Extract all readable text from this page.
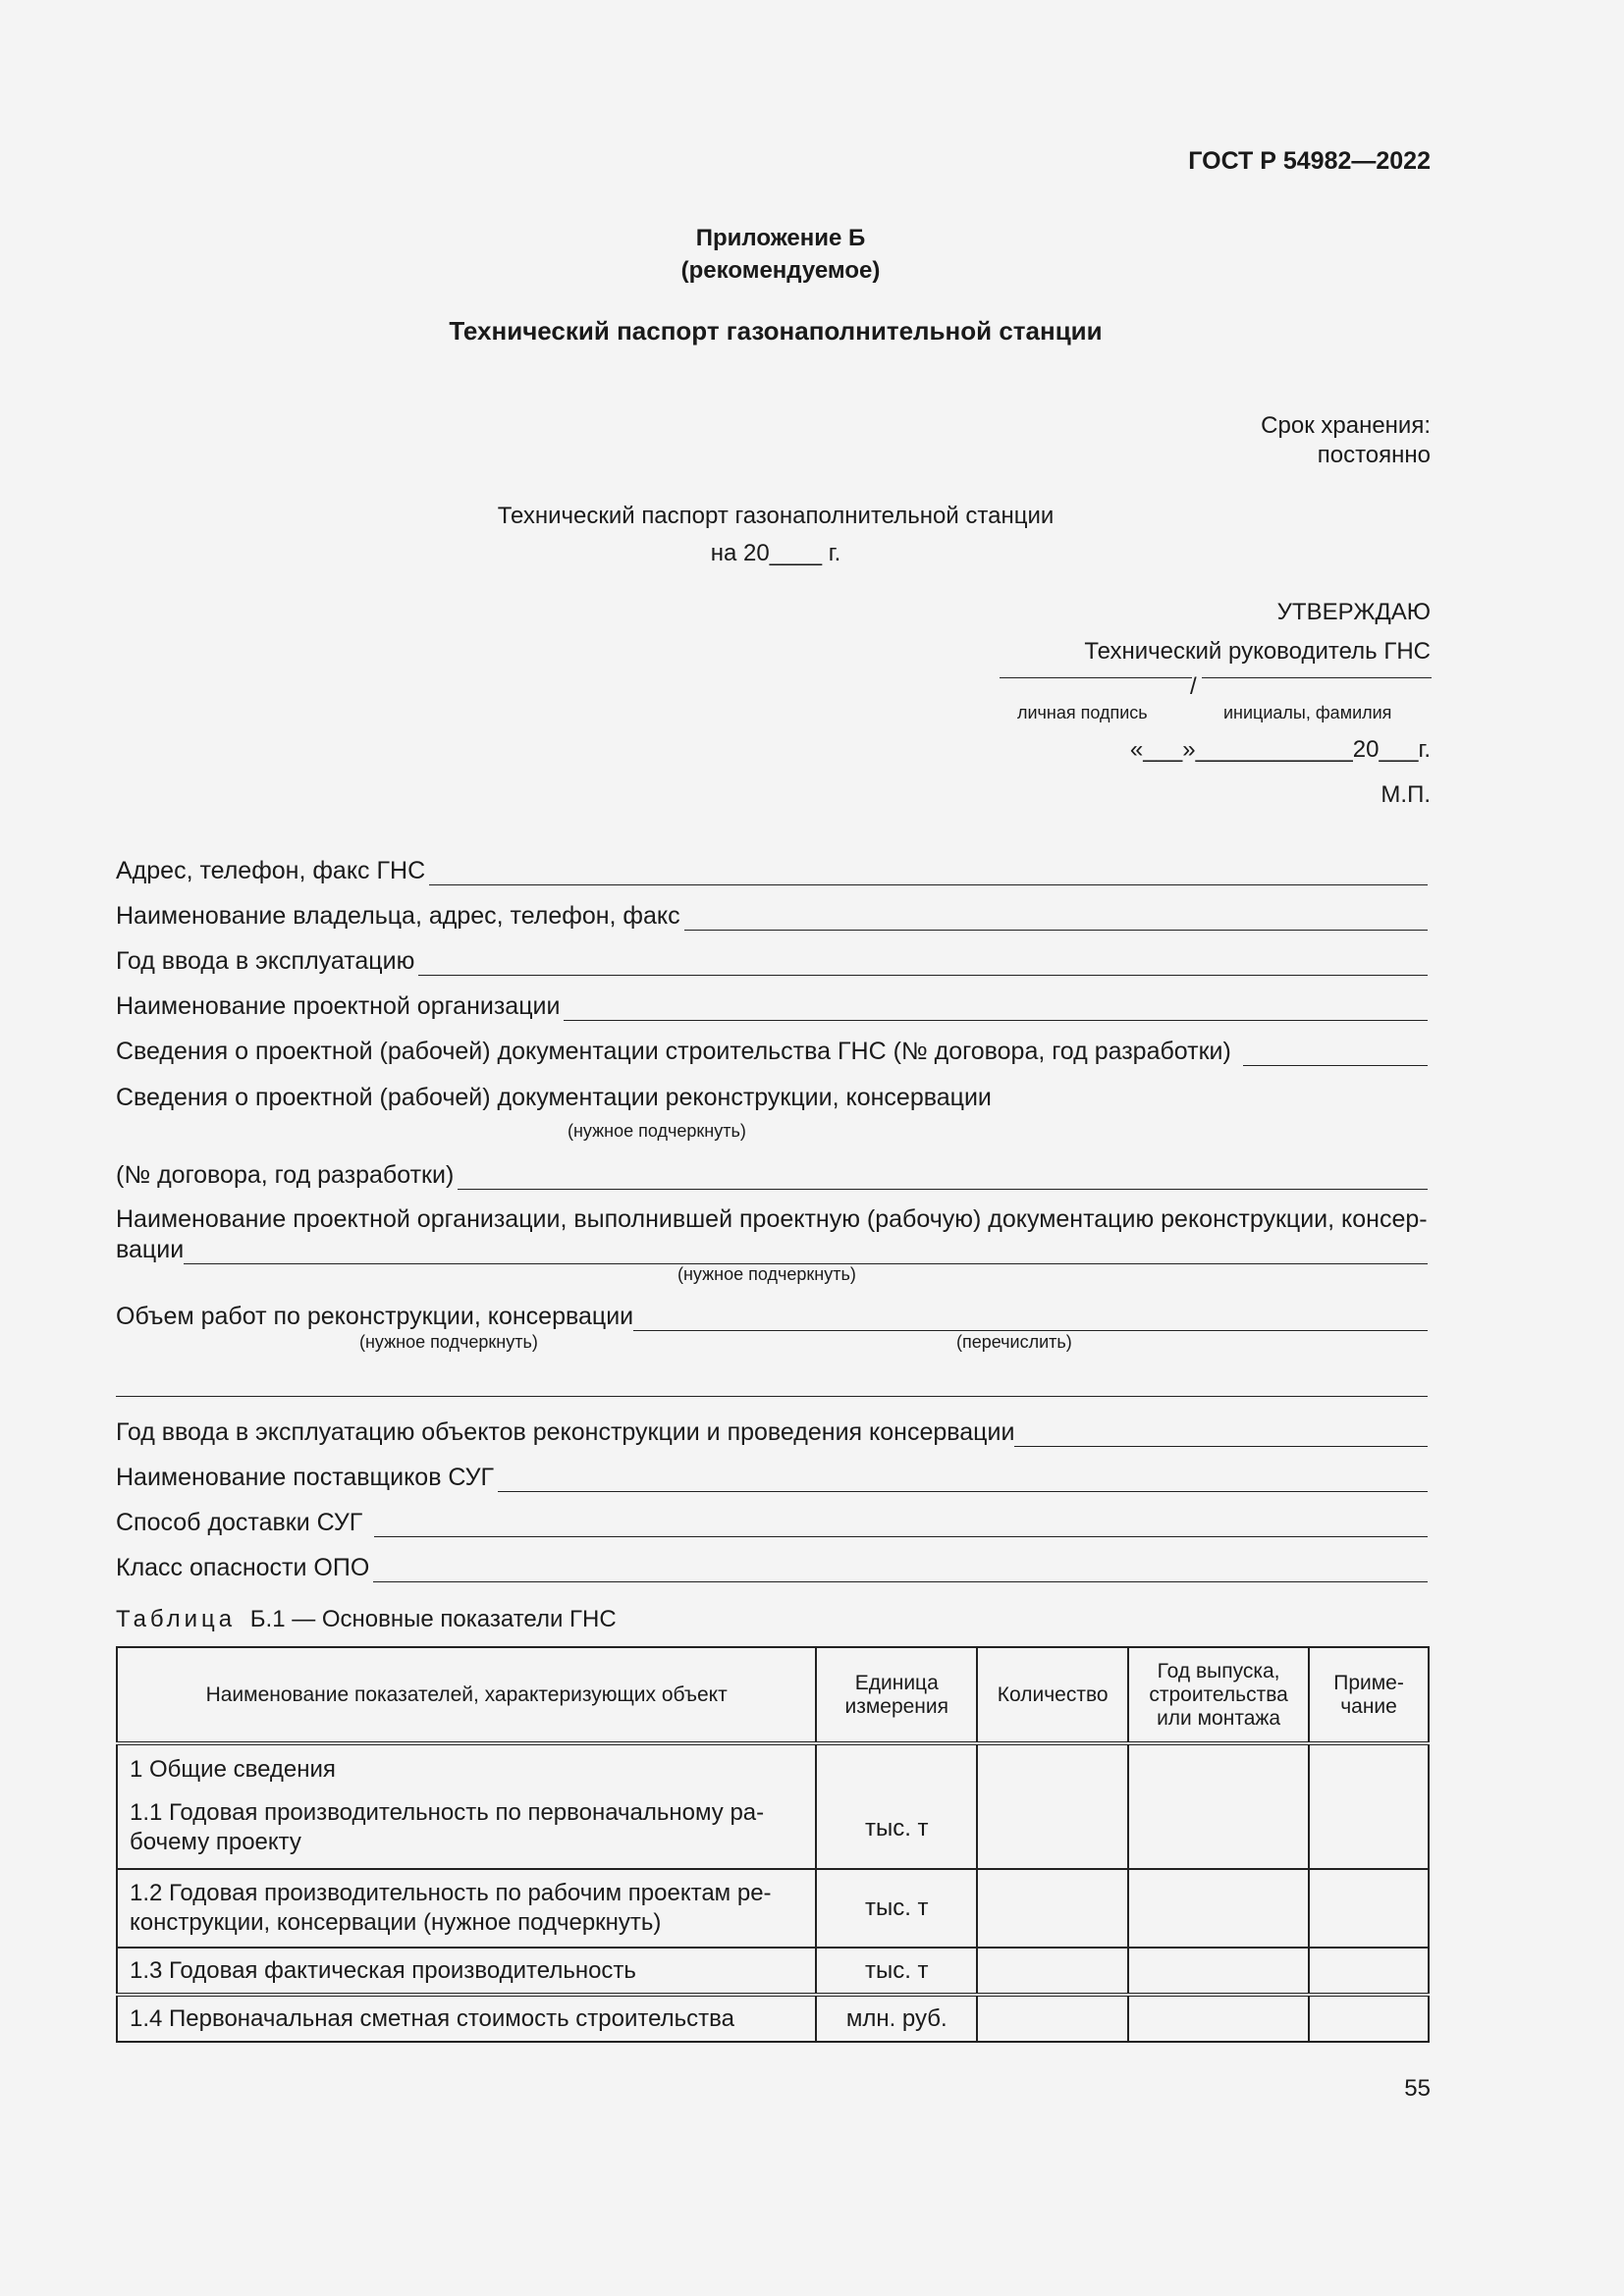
ГОСТ Р 54982—2022
Приложение Б
(рекомендуемое)
Технический паспорт газонаполнительной станции
Срок хранения:
постоянно
Технический паспорт газонаполнительной станции
на 20____ г.
УТВЕРЖДАЮ
Технический руководитель ГНС
/
личная подпись	инициалы, фамилия
«___»____________20___г.
М.П.
Адрес, телефон, факс ГНС
Наименование владельца, адрес, телефон, факс
Год ввода в эксплуатацию
Наименование проектной организации
Сведения о проектной (рабочей) документации строительства ГНС (№ договора, год разработки)
Сведения о проектной (рабочей) документации реконструкции, консервации
(нужное подчеркнуть)
(№ договора, год разработки)
Наименование проектной организации, выполнившей проектную (рабочую) документацию реконструкции, консер-
вации
(нужное подчеркнуть)
Объем работ по реконструкции, консервации
(нужное подчеркнуть)	(перечислить)
Год ввода в эксплуатацию объектов реконструкции и проведения консервации
Наименование поставщиков СУГ
Способ доставки СУГ
Класс опасности ОПО
Таблица Б.1 — Основные показатели ГНС
Наименование показателей, характеризующих объект	Единица измерения	Количество	Год выпуска, строительства или монтажа	Приме-чание

1 Общие сведения
1.1 Годовая производительность по первоначальному ра-бочему проекту	тыс. т			
1.2 Годовая производительность по рабочим проектам ре-конструкции, консервации (нужное подчеркнуть)	тыс. т			
1.3 Годовая фактическая производительность	тыс. т			
1.4 Первоначальная сметная стоимость строительства	млн. руб.			
55
